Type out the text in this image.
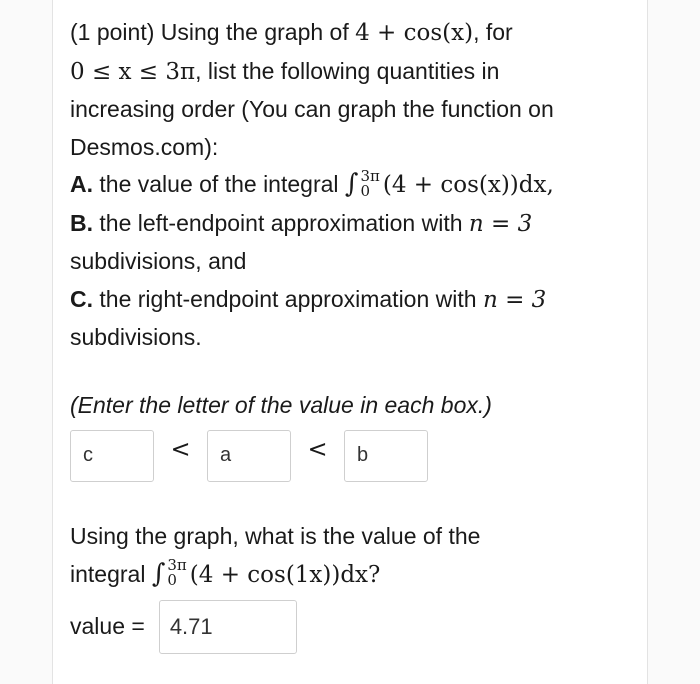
(1 point) Using the graph of 4 + cos(x), for

0 ≤ x ≤ 3π, list the following quantities in

increasing order (You can graph the function on

Desmos.com):

A. the value of the integral ∫ 3π
0 (4 + cos(x))dx,

B. the left-endpoint approximation with n = 3

subdivisions, and

C. the right-endpoint approximation with n = 3

subdivisions.

(Enter the letter of the value in each box.)

c	<	a	<	b

Using the graph, what is the value of the

integral ∫ 3π
0 (4 + cos(1x))dx?

value =	4.71
